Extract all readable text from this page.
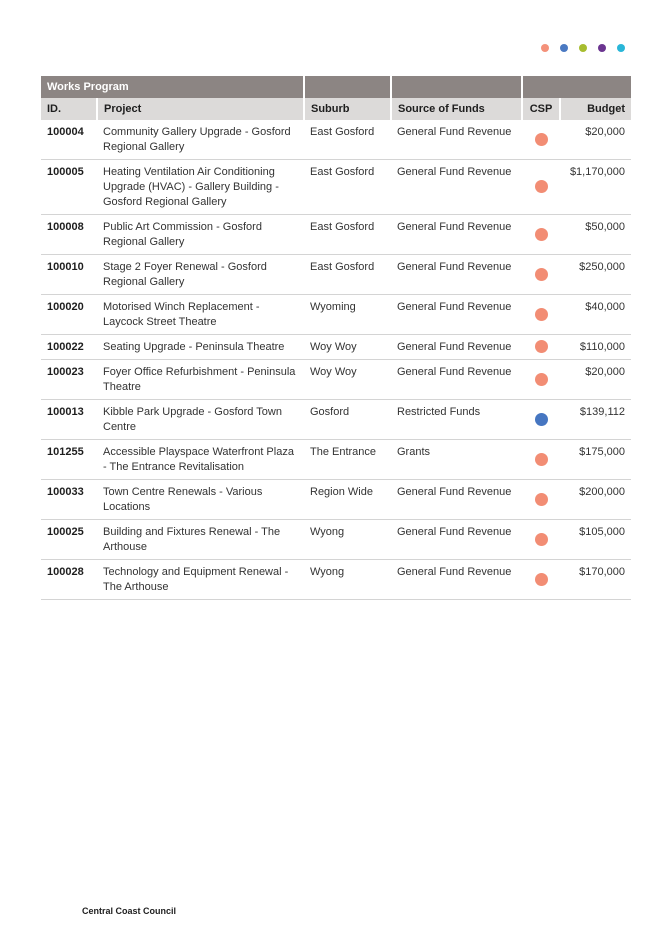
Works Program					
ID.	Project	Suburb	Source of Funds	CSP	Budget
100004	Community Gallery Upgrade - Gosford Regional Gallery	East Gosford	General Fund Revenue		$20,000
100005	Heating Ventilation Air Conditioning Upgrade (HVAC) - Gallery Building - Gosford Regional Gallery	East Gosford	General Fund Revenue		$1,170,000
100008	Public Art Commission - Gosford Regional Gallery	East Gosford	General Fund Revenue		$50,000
100010	Stage 2 Foyer Renewal - Gosford Regional Gallery	East Gosford	General Fund Revenue		$250,000
100020	Motorised Winch Replacement - Laycock Street Theatre	Wyoming	General Fund Revenue		$40,000
100022	Seating Upgrade - Peninsula Theatre	Woy Woy	General Fund Revenue		$110,000
100023	Foyer Office Refurbishment - Peninsula Theatre	Woy Woy	General Fund Revenue		$20,000
100013	Kibble Park Upgrade - Gosford Town Centre	Gosford	Restricted Funds		$139,112
101255	Accessible Playspace Waterfront Plaza - The Entrance Revitalisation	The Entrance	Grants		$175,000
100033	Town Centre Renewals - Various Locations	Region Wide	General Fund Revenue		$200,000
100025	Building and Fixtures Renewal - The Arthouse	Wyong	General Fund Revenue		$105,000
100028	Technology and Equipment Renewal - The Arthouse	Wyong	General Fund Revenue		$170,000
Central Coast Council
